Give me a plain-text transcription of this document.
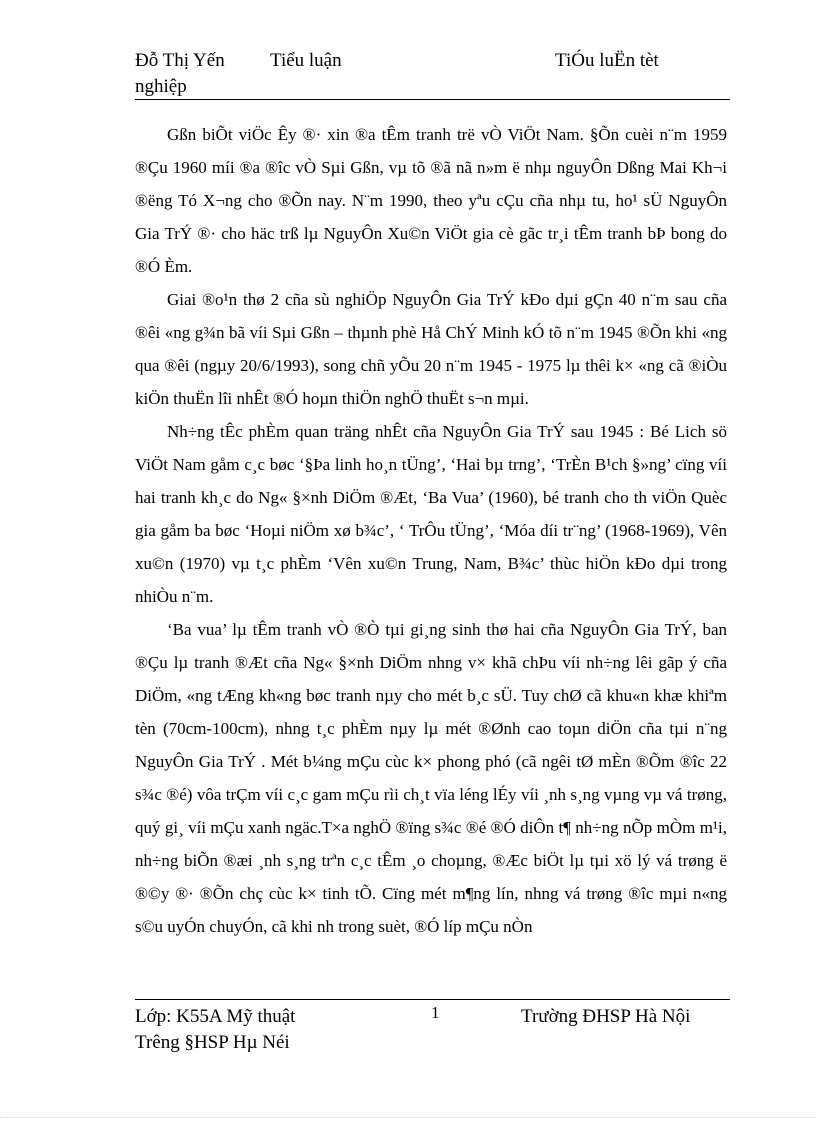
Đỗ Thị Yến Tiểu luận	TiÓu luËn tèt
nghiệp

Gßn biÕt viÖc Êy ®· xin ®a tÊm tranh trë vÒ ViÖt Nam. §Õn cuèi n¨m 1959 ®Çu 1960 míi ®a ®îc vÒ Sµi Gßn, vµ tõ ®ã nã n»m ë nhµ nguyÔn Dßng Mai Kh¬i ®ëng Tó X¬ng cho ®Õn nay. N¨m 1990, theo yªu cÇu cña nhµ tu, ho¹ sÜ NguyÔn Gia TrÝ ®· cho häc trß lµ NguyÔn Xu©n ViÖt gia cè gãc tr¸i tÊm tranh bÞ bong do ®Ó Èm.

Giai ®o¹n thø 2 cña sù nghiÖp NguyÔn Gia TrÝ kÐo dµi gÇn 40 n¨m sau cña ®êi «ng g¾n bã víi Sµi Gßn – thµnh phè Hå ChÝ Minh kÓ tõ n¨m 1945 ®Õn khi «ng qua ®êi (ngµy 20/6/1993), song chñ yÕu 20 n¨m 1945 - 1975 lµ thêi k× «ng cã ®iÒu kiÖn thuËn lîi nhÊt ®Ó hoµn thiÖn nghÖ thuËt s¬n mµi.

Nh÷ng tÊc phÈm quan träng nhÊt cña NguyÔn Gia TrÝ sau 1945 : Bé Lich sö ViÖt Nam gåm c¸c bøc ‘§Þa linh ho¸n tÜng’, ‘Hai bµ trng’, ‘TrÈn B¹ch §»ng’ cïng víi hai tranh kh¸c do Ng« §×nh DiÖm ®Æt, ‘Ba Vua’ (1960), bé tranh cho th viÖn Quèc gia gåm ba bøc ‘Hoµi niÖm xø b¾c’, ‘ TrÔu tÜng’, ‘Móa díi tr¨ng’ (1968-1969), Vên xu©n (1970) vµ t¸c phÈm ‘Vên xu©n Trung, Nam, B¾c’ thùc hiÖn kÐo dµi trong nhiÒu n¨m.

‘Ba vua’ lµ tÊm tranh vÒ ®Ò tµi gi¸ng sinh thø hai cña NguyÔn Gia TrÝ, ban ®Çu lµ tranh ®Æt cña Ng« §×nh DiÖm nhng v× khã chÞu víi nh÷ng lêi gãp ý cña DiÖm, «ng tÆng kh«ng bøc tranh nµy cho mét b¸c sÜ. Tuy chØ cã khu«n khæ khiªm tèn (70cm-100cm), nhng t¸c phÈm nµy lµ mét ®Ønh cao toµn diÖn cña tµi n¨ng NguyÔn Gia TrÝ . Mét b¼ng mÇu cùc k× phong phó (cã ngêi tØ mÈn ®Õm ®îc 22 s¾c ®é) vôa trÇm víi c¸c gam mÇu rìi ch¸t vïa léng lÉy víi ¸nh s¸ng vµng vµ vá trøng, quý gi¸ víi mÇu xanh ngäc.T×a nghÖ ®ïng s¾c ®é ®Ó diÔn t¶ nh÷ng nÕp mÒm m¹i, nh÷ng biÕn ®æi ¸nh s¸ng trªn c¸c tÊm ¸o choµng, ®Æc biÖt lµ tµi xö lý vá trøng ë ®©y ®· ®Õn chç cùc k× tinh tÕ. Cïng mét m¶ng lín, nhng vá trøng ®îc mµi n«ng s©u uyÓn chuyÓn, cã khi nh trong suèt, ®Ó líp mÇu nÒn

Lớp: K55A Mỹ thuật	1	Trường ĐHSP Hà Nội
Trêng §HSP Hµ Néi
